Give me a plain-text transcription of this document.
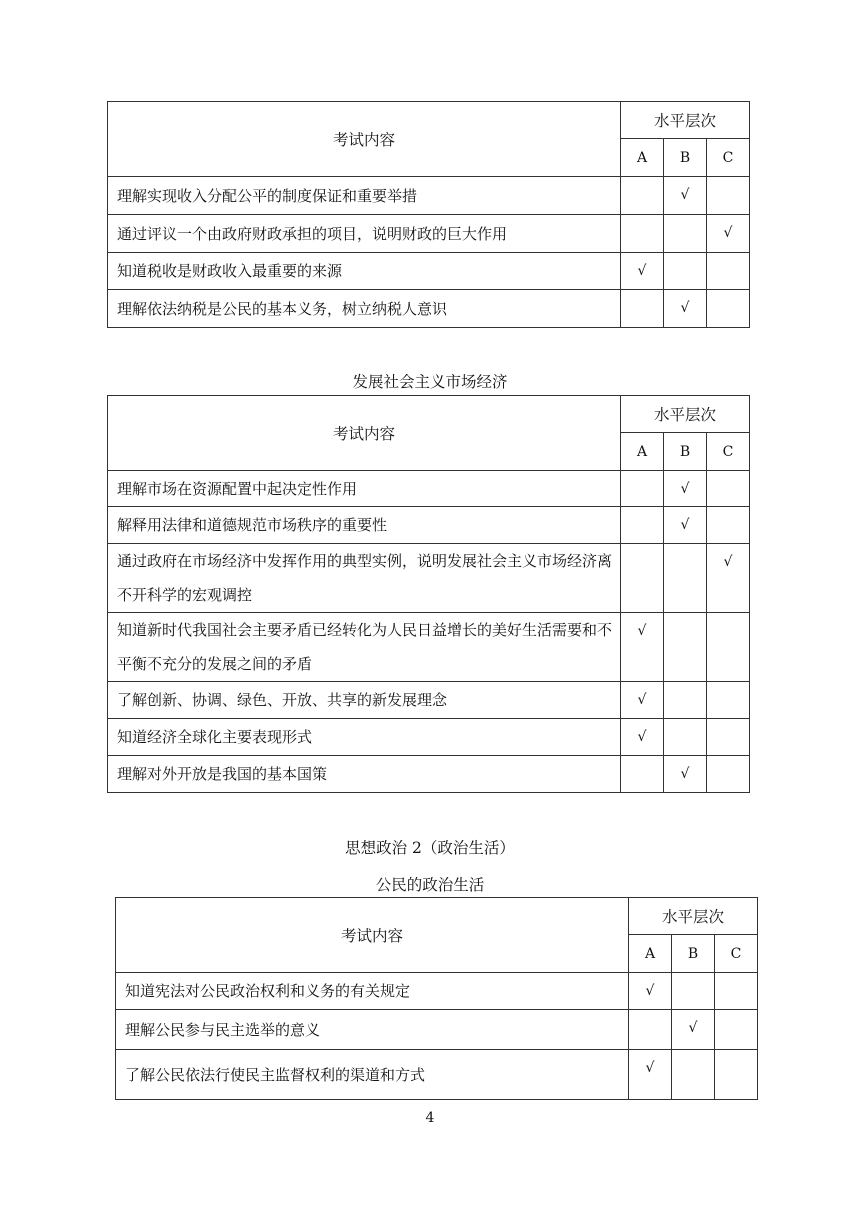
考试内容	水平层次		
	A	B	C
理解实现收入分配公平的制度保证和重要举措		√	
通过评议一个由政府财政承担的项目，说明财政的巨大作用			√
知道税收是财政收入最重要的来源	√		
理解依法纳税是公民的基本义务，树立纳税人意识		√	
发展社会主义市场经济
考试内容	水平层次		
	A	B	C
理解市场在资源配置中起决定性作用		√	
解释用法律和道德规范市场秩序的重要性		√	
通过政府在市场经济中发挥作用的典型实例，说明发展社会主义市场经济离不开科学的宏观调控			√
知道新时代我国社会主要矛盾已经转化为人民日益增长的美好生活需要和不平衡不充分的发展之间的矛盾	√		
了解创新、协调、绿色、开放、共享的新发展理念	√		
知道经济全球化主要表现形式	√		
理解对外开放是我国的基本国策		√	
思想政治 2（政治生活）
公民的政治生活
考试内容	水平层次		
	A	B	C
知道宪法对公民政治权利和义务的有关规定	√		
理解公民参与民主选举的意义		√	
了解公民依法行使民主监督权利的渠道和方式	√		
4
